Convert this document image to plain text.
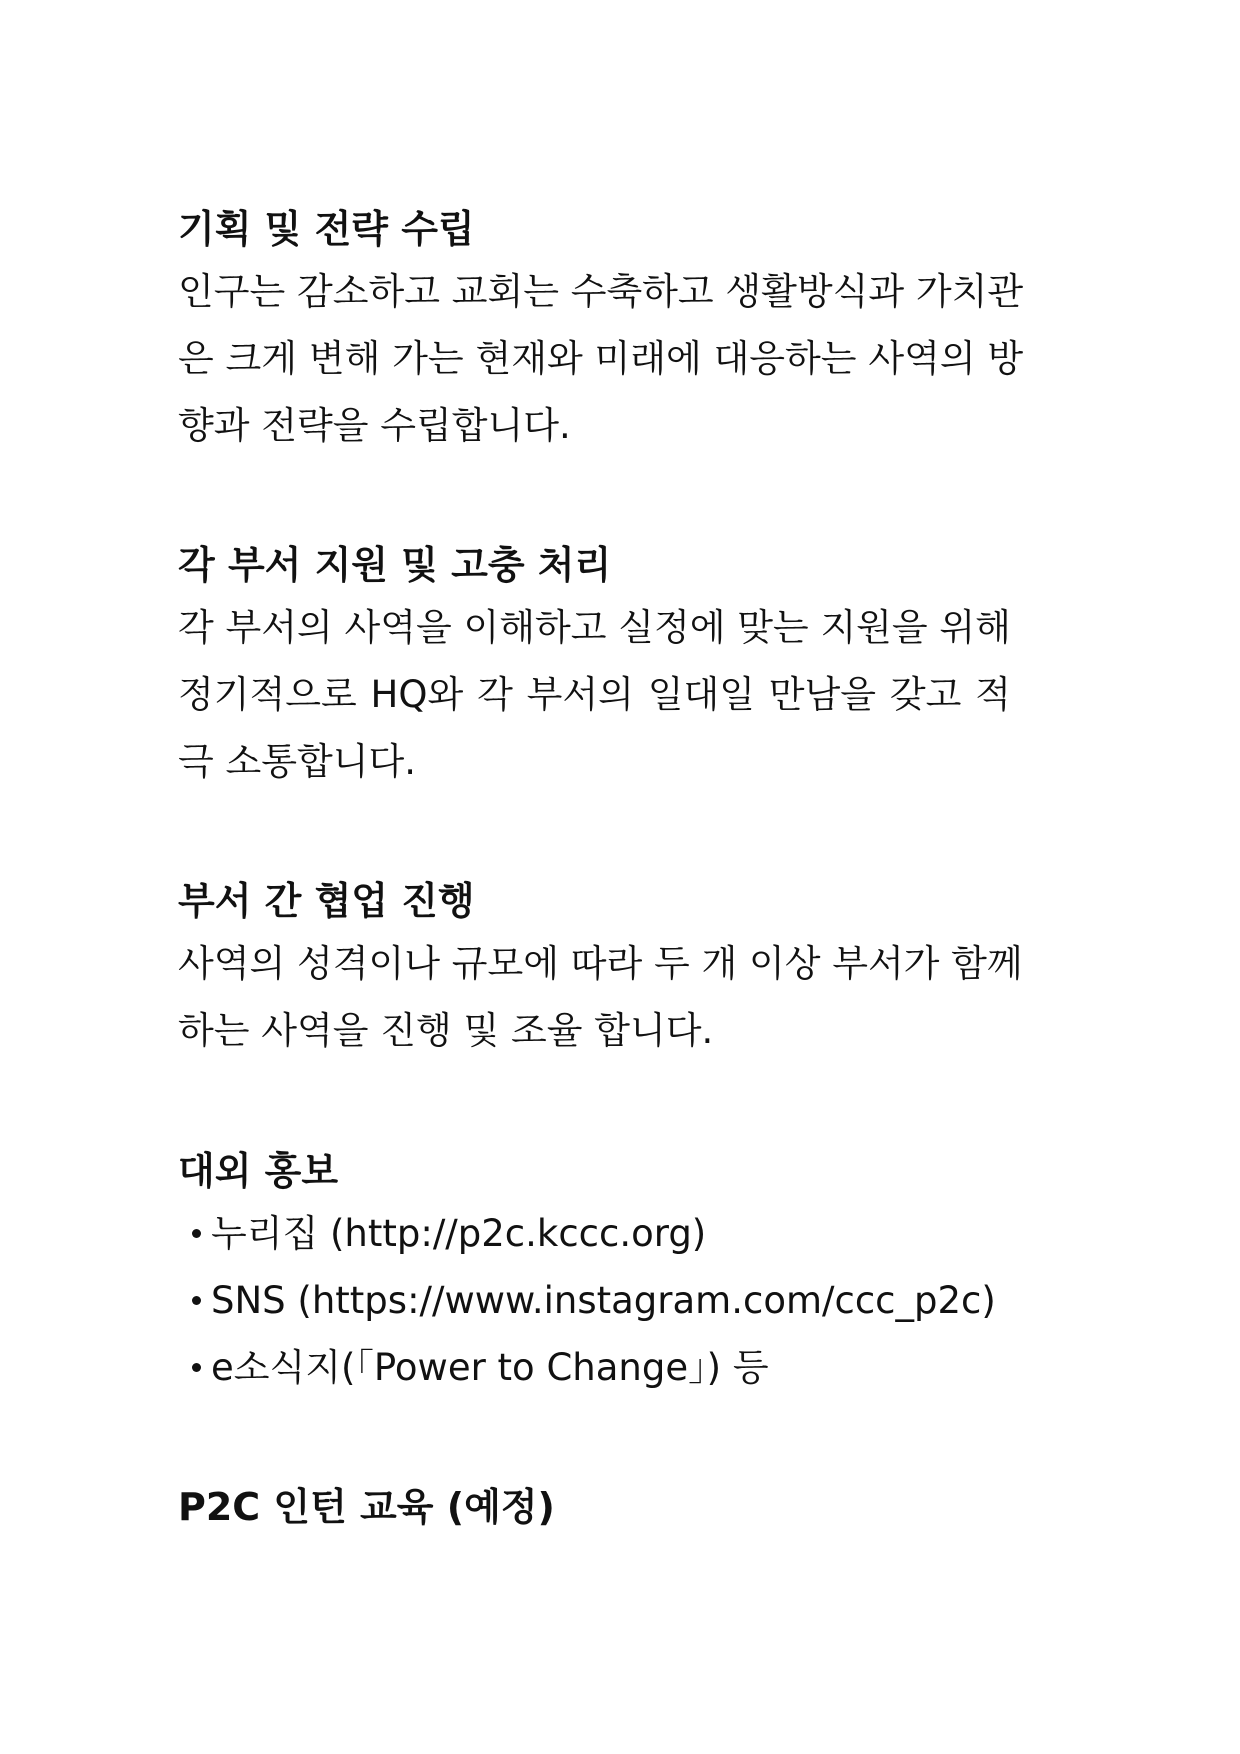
기획 및 전략 수립

인구는 감소하고 교회는 수축하고 생활방식과 가치관
은 크게 변해 가는 현재와 미래에 대응하는 사역의 방
향과 전략을 수립합니다.

각 부서 지원 및 고충 처리

각 부서의 사역을 이해하고 실정에 맞는 지원을 위해
정기적으로 HQ와 각 부서의 일대일 만남을 갖고 적
극 소통합니다.

부서 간 협업 진행

사역의 성격이나 규모에 따라 두 개 이상 부서가 함께
하는 사역을 진행 및 조율 합니다.

대외 홍보
누리집 (http://p2c.kccc.org)
SNS (https://www.instagram.com/ccc_p2c)
e소식지(「Power to Change」) 등
P2C 인턴 교육 (예정)
